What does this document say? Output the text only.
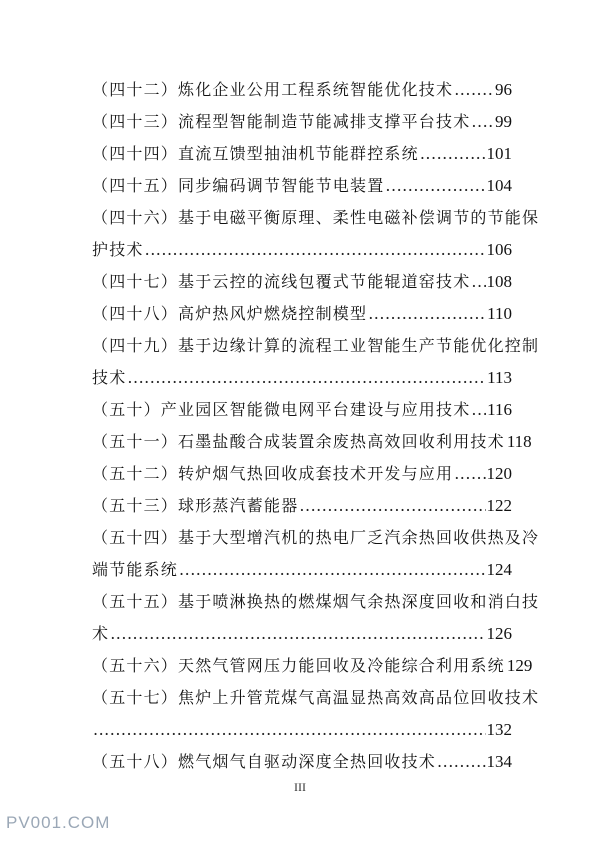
（四十二）炼化企业公用工程系统智能优化技术 ..... 96
（四十三）流程型智能制造节能减排支撑平台技术 ..... 99
（四十四）直流互馈型抽油机节能群控系统 .....	101
（四十五）同步编码调节智能节电装置 .....	104
（四十六）基于电磁平衡原理、柔性电磁补偿调节的节能保
护技术 .....	106
（四十七）基于云控的流线包覆式节能辊道窑技术 ..... 108
（四十八）高炉热风炉燃烧控制模型 .....	110
（四十九）基于边缘计算的流程工业智能生产节能优化控制
技术 .....	113
（五十）产业园区智能微电网平台建设与应用技术 ..... 116
（五十一）石墨盐酸合成装置余废热高效回收利用技术 118
（五十二）转炉烟气热回收成套技术开发与应用 ..... 120
（五十三）球形蒸汽蓄能器 .....	122
（五十四）基于大型增汽机的热电厂乏汽余热回收供热及冷
端节能系统 .....	124
（五十五）基于喷淋换热的燃煤烟气余热深度回收和消白技
术 .....	126
（五十六）天然气管网压力能回收及冷能综合利用系统 129
（五十七）焦炉上升管荒煤气高温显热高效高品位回收技术
.....
132
（五十八）燃气烟气自驱动深度全热回收技术 .....	134
III
PV001.COM
